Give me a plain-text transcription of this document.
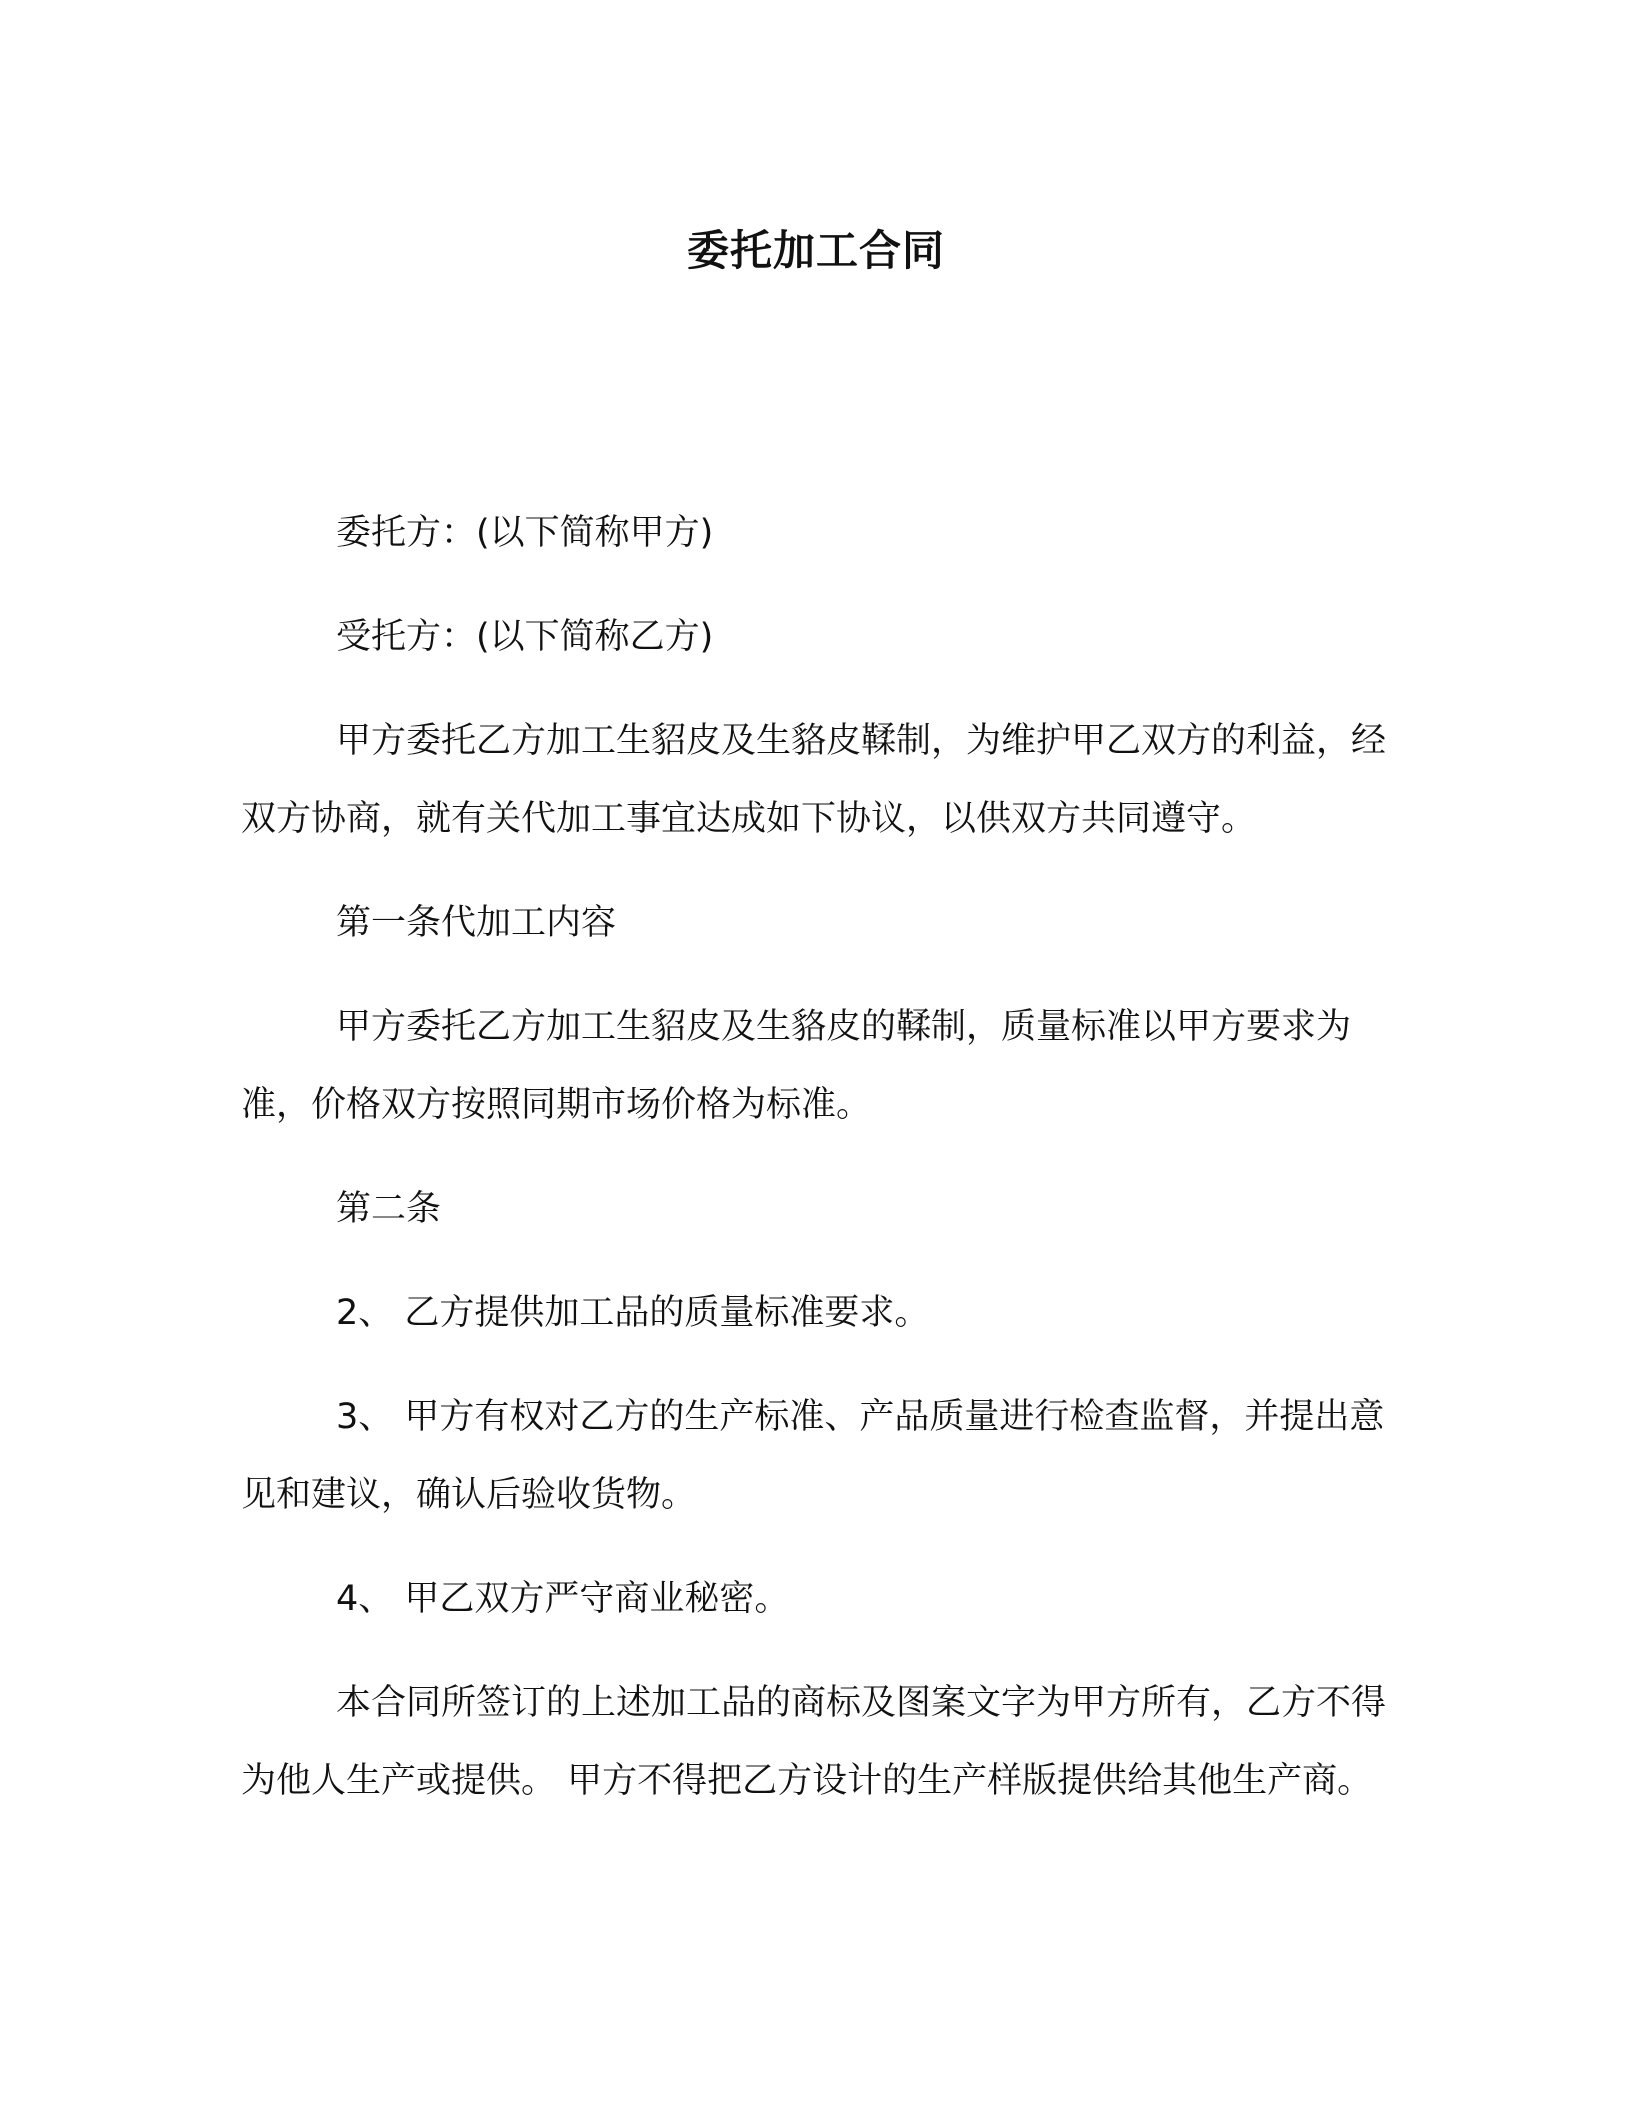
委托加工合同

委托方：(以下简称甲方)

受托方：(以下简称乙方)

甲方委托乙方加工生貂皮及生貉皮鞣制，为维护甲乙双方的利益，经双方协商，就有关代加工事宜达成如下协议，以供双方共同遵守。

第一条代加工内容

甲方委托乙方加工生貂皮及生貉皮的鞣制，质量标准以甲方要求为准，价格双方按照同期市场价格为标准。

第二条

2、 乙方提供加工品的质量标准要求。

3、 甲方有权对乙方的生产标准、产品质量进行检查监督，并提出意见和建议，确认后验收货物。

4、 甲乙双方严守商业秘密。

本合同所签订的上述加工品的商标及图案文字为甲方所有，乙方不得为他人生产或提供。 甲方不得把乙方设计的生产样版提供给其他生产商。
